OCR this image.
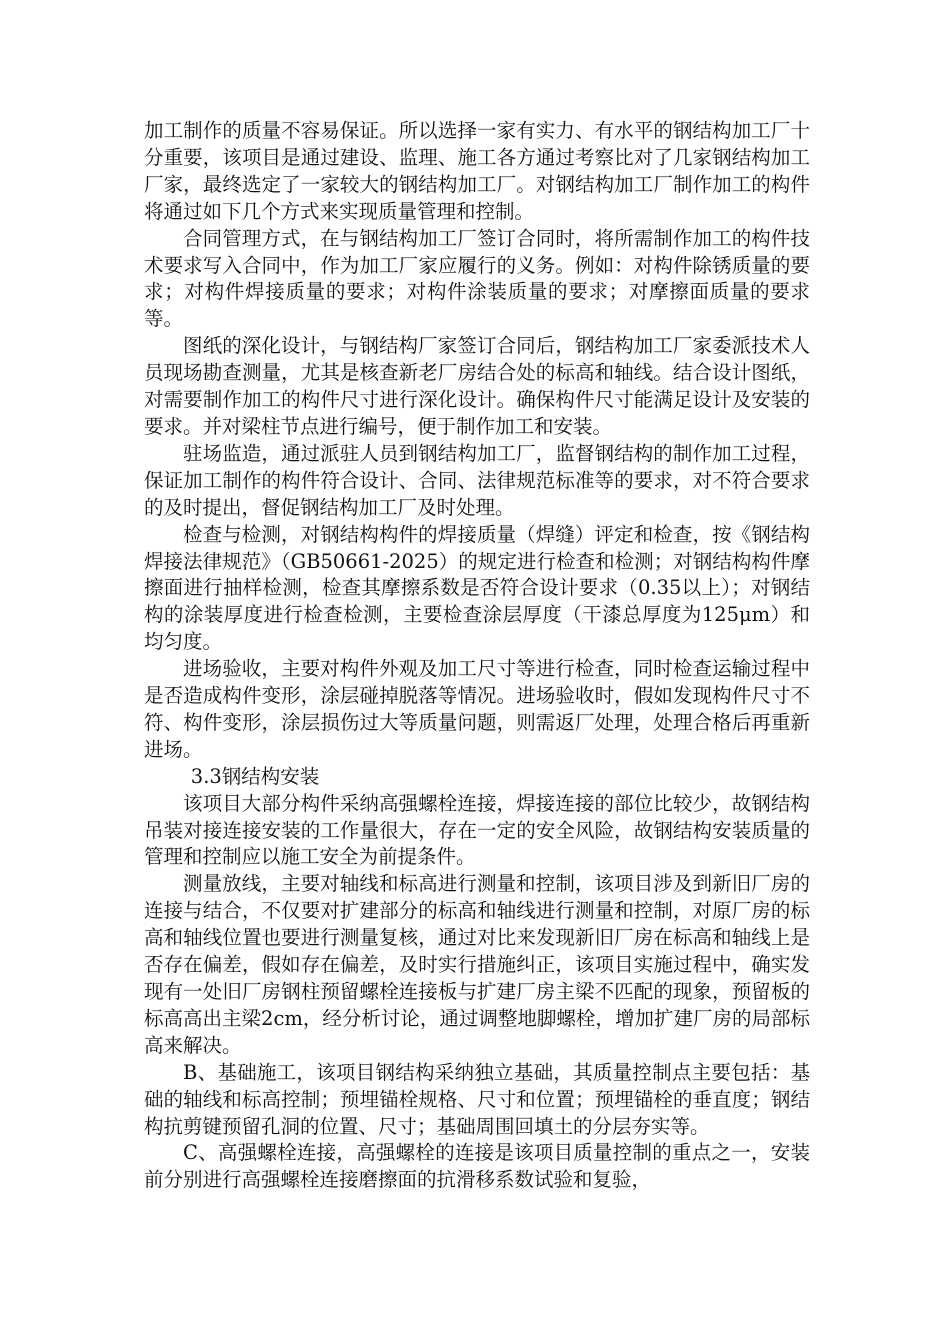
加工制作的质量不容易保证。所以选择一家有实力、有水平的钢结构加工厂十分重要，该项目是通过建设、监理、施工各方通过考察比对了几家钢结构加工厂家，最终选定了一家较大的钢结构加工厂。对钢结构加工厂制作加工的构件将通过如下几个方式来实现质量管理和控制。

合同管理方式，在与钢结构加工厂签订合同时，将所需制作加工的构件技术要求写入合同中，作为加工厂家应履行的义务。例如：对构件除锈质量的要求；对构件焊接质量的要求；对构件涂装质量的要求；对摩擦面质量的要求等。

图纸的深化设计，与钢结构厂家签订合同后，钢结构加工厂家委派技术人员现场勘查测量，尤其是核查新老厂房结合处的标高和轴线。结合设计图纸，对需要制作加工的构件尺寸进行深化设计。确保构件尺寸能满足设计及安装的要求。并对梁柱节点进行编号，便于制作加工和安装。

驻场监造，通过派驻人员到钢结构加工厂，监督钢结构的制作加工过程，保证加工制作的构件符合设计、合同、法律规范标准等的要求，对不符合要求的及时提出，督促钢结构加工厂及时处理。

检查与检测，对钢结构构件的焊接质量（焊缝）评定和检查，按《钢结构焊接法律规范》（GB50661-2025）的规定进行检查和检测；对钢结构构件摩擦面进行抽样检测，检查其摩擦系数是否符合设计要求（0.35以上）；对钢结构的涂装厚度进行检查检测，主要检查涂层厚度（干漆总厚度为125μm）和均匀度。

进场验收，主要对构件外观及加工尺寸等进行检查，同时检查运输过程中是否造成构件变形，涂层碰掉脱落等情况。进场验收时，假如发现构件尺寸不符、构件变形，涂层损伤过大等质量问题，则需返厂处理，处理合格后再重新进场。

3.3钢结构安装

该项目大部分构件采纳高强螺栓连接，焊接连接的部位比较少，故钢结构吊装对接连接安装的工作量很大，存在一定的安全风险，故钢结构安装质量的管理和控制应以施工安全为前提条件。

测量放线，主要对轴线和标高进行测量和控制，该项目涉及到新旧厂房的连接与结合，不仅要对扩建部分的标高和轴线进行测量和控制，对原厂房的标高和轴线位置也要进行测量复核，通过对比来发现新旧厂房在标高和轴线上是否存在偏差，假如存在偏差，及时实行措施纠正，该项目实施过程中，确实发现有一处旧厂房钢柱预留螺栓连接板与扩建厂房主梁不匹配的现象，预留板的标高高出主梁2cm，经分析讨论，通过调整地脚螺栓，增加扩建厂房的局部标高来解决。

B、基础施工，该项目钢结构采纳独立基础，其质量控制点主要包括：基础的轴线和标高控制；预埋锚栓规格、尺寸和位置；预埋锚栓的垂直度；钢结构抗剪键预留孔洞的位置、尺寸；基础周围回填土的分层夯实等。

C、高强螺栓连接，高强螺栓的连接是该项目质量控制的重点之一，安装前分别进行高强螺栓连接磨擦面的抗滑移系数试验和复验，
